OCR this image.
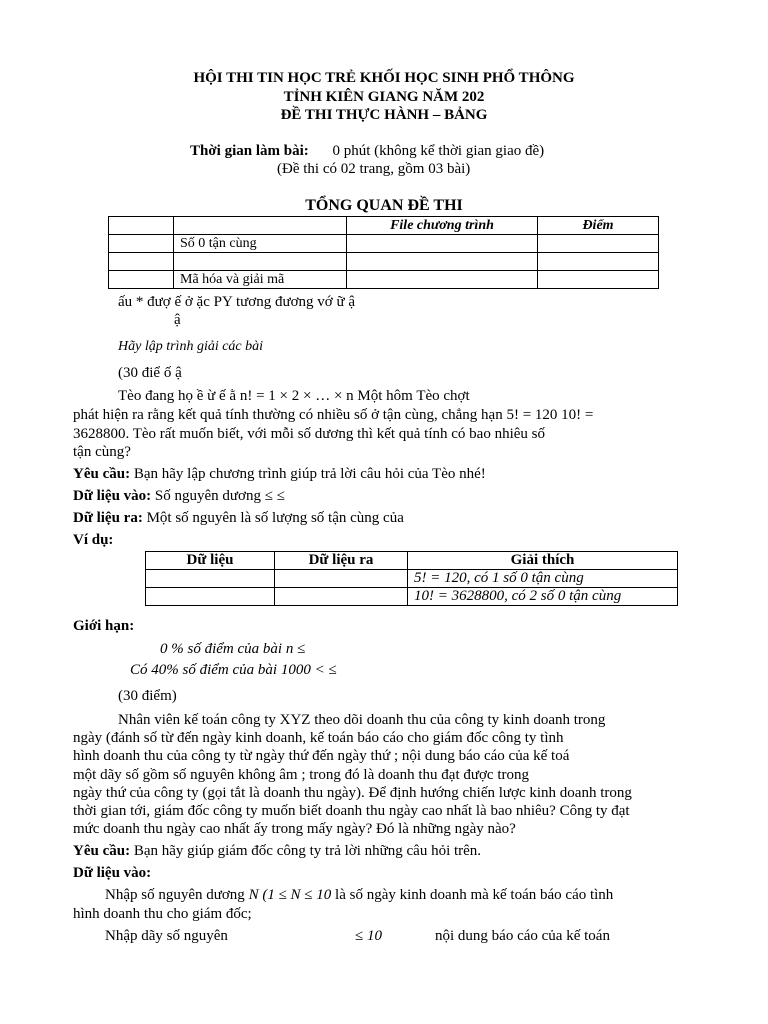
HỘI THI TIN HỌC TRẺ KHỐI HỌC SINH PHỔ THÔNG
TỈNH KIÊN GIANG NĂM 202
ĐỀ THI THỰC HÀNH – BẢNG
Thời gian làm bài: 0 phút (không kể thời gian giao đề)
(Đề thi có 02 trang, gồm 03 bài)
TỔNG QUAN ĐỀ THI
		File chương trình	Điểm
	Số 0 tận cùng		

	Mã hóa và giải mã		
ấu * đượ ế ở ặc PY tương đương vớ ữ ậ
ậ
Hãy lập trình giải các bài
(30 điể ố ậ
Tèo đang họ ề ừ ế ằ n! = 1 × 2 × … × n Một hôm Tèo chợt
phát hiện ra rằng kết quả tính thường có nhiều số ở tận cùng, chẳng hạn 5! = 120 10! =
3628800. Tèo rất muốn biết, với mỗi số dương thì kết quả tính có bao nhiêu số
tận cùng?
Yêu cầu: Bạn hãy lập chương trình giúp trả lời câu hỏi của Tèo nhé!
Dữ liệu vào: Số nguyên dương ≤ ≤
Dữ liệu ra: Một số nguyên là số lượng số tận cùng của
Ví dụ:
Dữ liệu	Dữ liệu ra	Giải thích
		5! = 120, có 1 số 0 tận cùng
		10! = 3628800, có 2 số 0 tận cùng
Giới hạn:
0 % số điểm của bài n ≤
Có 40% số điểm của bài 1000 < ≤
(30 điểm)
Nhân viên kế toán công ty XYZ theo dõi doanh thu của công ty kinh doanh trong
ngày (đánh số từ đến ngày kinh doanh, kế toán báo cáo cho giám đốc công ty tình
hình doanh thu của công ty từ ngày thứ đến ngày thứ ; nội dung báo cáo của kế toá
một dãy số gồm số nguyên không âm ; trong đó là doanh thu đạt được trong
ngày thứ của công ty (gọi tắt là doanh thu ngày). Để định hướng chiến lược kinh doanh trong
thời gian tới, giám đốc công ty muốn biết doanh thu ngày cao nhất là bao nhiêu? Công ty đạt
mức doanh thu ngày cao nhất ấy trong mấy ngày? Đó là những ngày nào?
Yêu cầu: Bạn hãy giúp giám đốc công ty trả lời những câu hỏi trên.
Dữ liệu vào:
Nhập số nguyên dương N (1 ≤ N ≤ 10 là số ngày kinh doanh mà kế toán báo cáo tình
hình doanh thu cho giám đốc;
Nhập dãy số nguyên	≤ 10	nội dung báo cáo của kế toán
